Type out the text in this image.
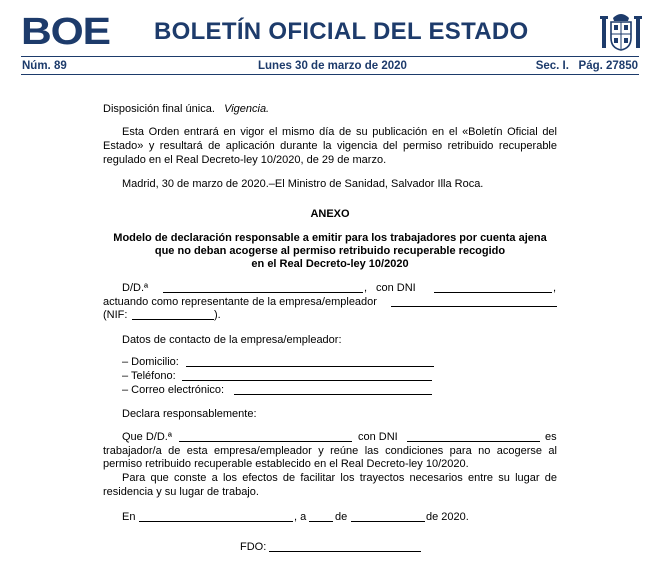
BOE BOLETÍN OFICIAL DEL ESTADO
Núm. 89	Lunes 30 de marzo de 2020	Sec. I.   Pág. 27850
Disposición final única. Vigencia.
Esta Orden entrará en vigor el mismo día de su publicación en el «Boletín Oficial del
Estado» y resultará de aplicación durante la vigencia del permiso retribuido recuperable
regulado en el Real Decreto-ley 10/2020, de 29 de marzo.
Madrid, 30 de marzo de 2020.–El Ministro de Sanidad, Salvador Illa Roca.
ANEXO
Modelo de declaración responsable a emitir para los trabajadores por cuenta ajena
que no deban acogerse al permiso retribuido recuperable recogido
en el Real Decreto-ley 10/2020
D/D.ª	, con DNI	,
actuando como representante de la empresa/empleador
(NIF:	).
Datos de contacto de la empresa/empleador:
– Domicilio:
– Teléfono:
– Correo electrónico:
Declara responsablemente:
Que D/D.ª	con DNI	es
trabajador/a de esta empresa/empleador y reúne las condiciones para no acogerse al
permiso retribuido recuperable establecido en el Real Decreto-ley 10/2020.
Para que conste a los efectos de facilitar los trayectos necesarios entre su lugar de
residencia y su lugar de trabajo.
En	, a	de	de 2020.
FDO:
